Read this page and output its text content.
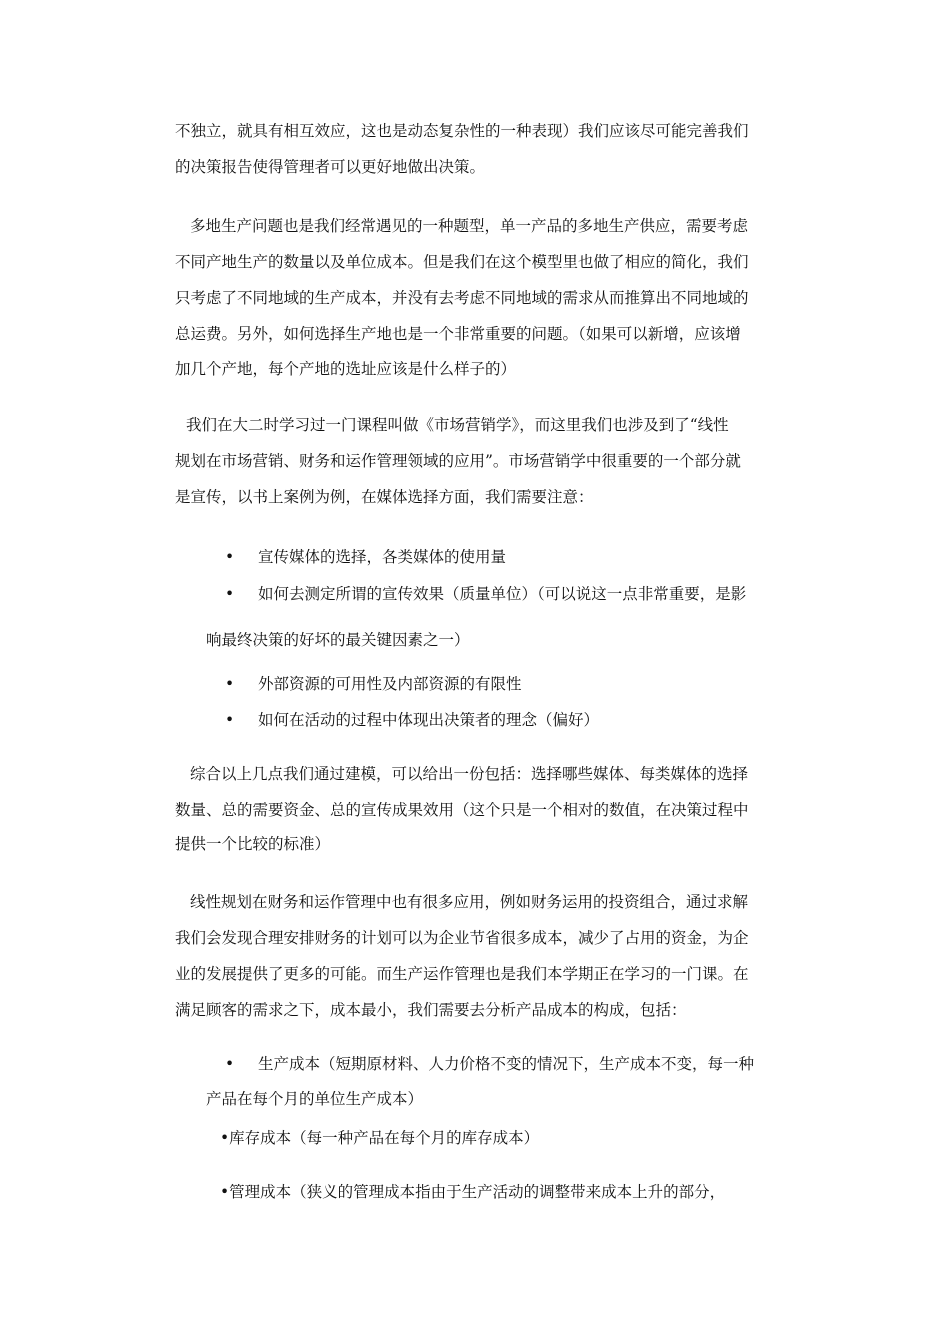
不独立，就具有相互效应，这也是动态复杂性的一种表现）我们应该尽可能完善我们
的决策报告使得管理者可以更好地做出决策。
多地生产问题也是我们经常遇见的一种题型，单一产品的多地生产供应，需要考虑
不同产地生产的数量以及单位成本。但是我们在这个模型里也做了相应的简化，我们
只考虑了不同地域的生产成本，并没有去考虑不同地域的需求从而推算出不同地域的
总运费。另外，如何选择生产地也是一个非常重要的问题。（如果可以新增，应该增
加几个产地，每个产地的选址应该是什么样子的）
我们在大二时学习过一门课程叫做《市场营销学》，而这里我们也涉及到了“线性
规划在市场营销、财务和运作管理领域的应用”。市场营销学中很重要的一个部分就
是宣传，以书上案例为例，在媒体选择方面，我们需要注意：
• 宣传媒体的选择，各类媒体的使用量
• 如何去测定所谓的宣传效果（质量单位）（可以说这一点非常重要，是影
响最终决策的好坏的最关键因素之一）
• 外部资源的可用性及内部资源的有限性
• 如何在活动的过程中体现出决策者的理念（偏好）
综合以上几点我们通过建模，可以给出一份包括：选择哪些媒体、每类媒体的选择
数量、总的需要资金、总的宣传成果效用（这个只是一个相对的数值，在决策过程中
提供一个比较的标准）
线性规划在财务和运作管理中也有很多应用，例如财务运用的投资组合，通过求解
我们会发现合理安排财务的计划可以为企业节省很多成本，减少了占用的资金，为企
业的发展提供了更多的可能。而生产运作管理也是我们本学期正在学习的一门课。在
满足顾客的需求之下，成本最小，我们需要去分析产品成本的构成，包括：
• 生产成本（短期原材料、人力价格不变的情况下，生产成本不变，每一种
产品在每个月的单位生产成本）
•库存成本（每一种产品在每个月的库存成本）
•管理成本（狭义的管理成本指由于生产活动的调整带来成本上升的部分，
